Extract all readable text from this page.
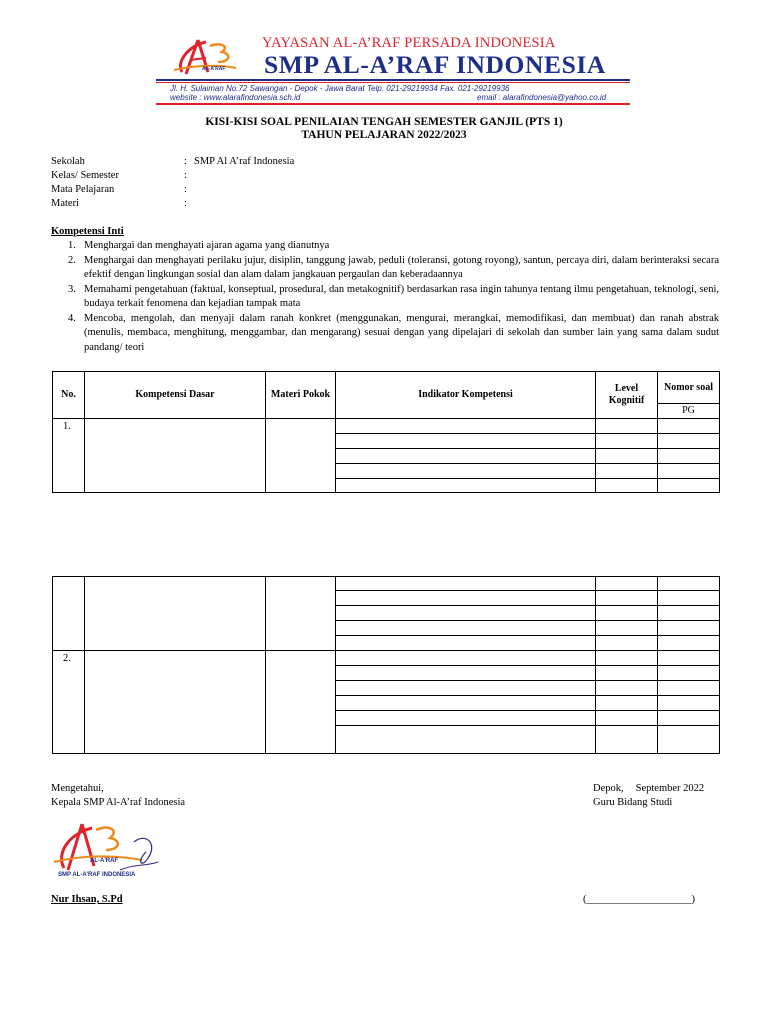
AL-A'RAF
YAYASAN AL-A’RAF PERSADA INDONESIA
SMP AL-A’RAF INDONESIA
Jl. H. Sulaiman No.72 Sawangan - Depok - Jawa Barat Telp. 021-29219934 Fax. 021-29219936
website : www.alarafindonesia.sch.id	email : alarafindonesia@yahoo.co.id
KISI-KISI SOAL PENILAIAN TENGAH SEMESTER GANJIL (PTS 1)
TAHUN PELAJARAN 2022/2023
Sekolah	: SMP Al A’raf Indonesia
Kelas/ Semester	:
Mata Pelajaran	:
Materi	:
Kompetensi Inti
1. Menghargai dan menghayati ajaran agama yang dianutnya
2. Menghargai dan menghayati perilaku jujur, disiplin, tanggung jawab, peduli (toleransi, gotong royong), santun, percaya diri, dalam berinteraksi secara efektif dengan lingkungan sosial dan alam dalam jangkauan pergaulan dan keberadaannya
3. Memahami pengetahuan (faktual, konseptual, prosedural, dan metakognitif) berdasarkan rasa ingin tahunya tentang ilmu pengetahuan, teknologi, seni, budaya terkait fenomena dan kejadian tampak mata
4. Mencoba, mengolah, dan menyaji dalam ranah konkret (menggunakan, mengurai, merangkai, memodifikasi, dan membuat) dan ranah abstrak (menulis, membaca, menghitung, menggambar, dan mengarang) sesuai dengan yang dipelajari di sekolah dan sumber lain yang sama dalam sudut pandang/ teori
No.	Kompetensi Dasar	Materi Pokok	Indikator Kompetensi	Level Kognitif	Nomor soal
					PG
1.					

2.					

Mengetahui,
Kepala SMP Al-A’raf Indonesia
AL-A'RAF
SMP AL-A’RAF INDONESIA
Nur Ihsan, S.Pd
Depok, September 2022
Guru Bidang Studi
(____________________)
